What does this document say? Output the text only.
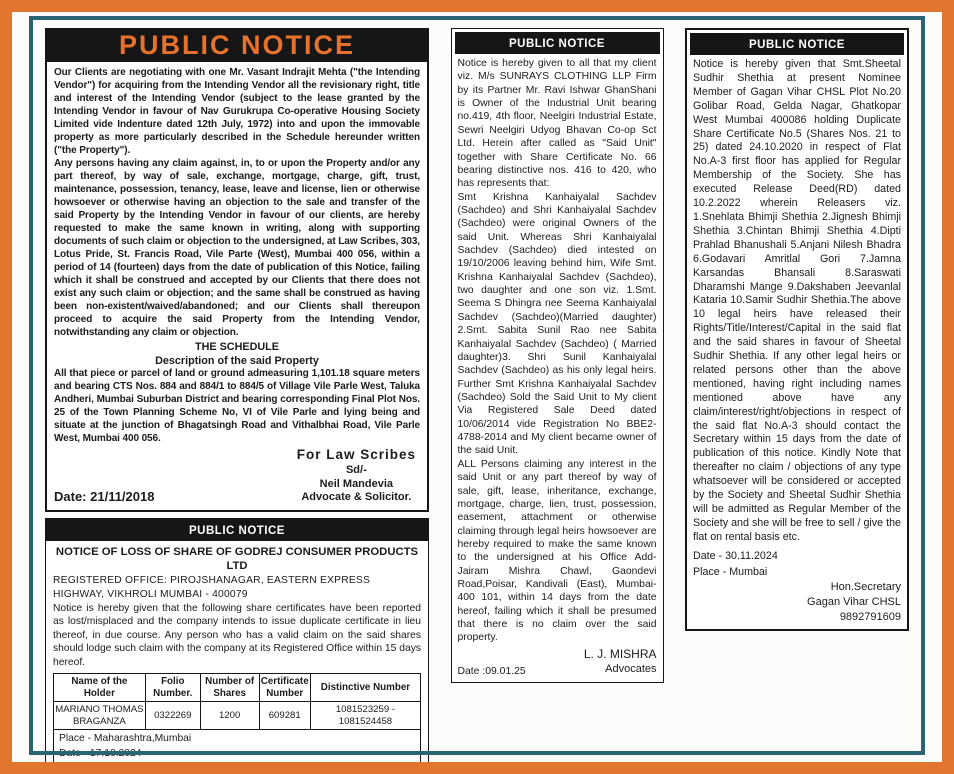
PUBLIC NOTICE

Our Clients are negotiating with one Mr. Vasant Indrajit Mehta ("the Intending Vendor") for acquiring from the Intending Vendor all the revisionary right, title and interest of the Intending Vendor (subject to the lease granted by the Intending Vendor in favour of Nav Gurukrupa Co-operative Housing Society Limited vide Indenture dated 12th July, 1972) into and upon the immovable property as more particularly described in the Schedule hereunder written ("the Property").

Any persons having any claim against, in, to or upon the Property and/or any part thereof, by way of sale, exchange, mortgage, charge, gift, trust, maintenance, possession, tenancy, lease, leave and license, lien or otherwise howsoever or otherwise having an objection to the sale and transfer of the said Property by the Intending Vendor in favour of our clients, are hereby requested to make the same known in writing, along with supporting documents of such claim or objection to the undersigned, at Law Scribes, 303, Lotus Pride, St. Francis Road, Vile Parte (West), Mumbai 400 056, within a period of 14 (fourteen) days from the date of publication of this Notice, failing which it shall be construed and accepted by our Clients that there does not exist any such claim or objection; and the same shall be construed as having been non-existent/waived/abandoned; and our Clients shall thereupon proceed to acquire the said Property from the Intending Vendor, notwithstanding any claim or objection.

THE SCHEDULE
Description of the said Property

All that piece or parcel of land or ground admeasuring 1,101.18 square meters and bearing CTS Nos. 884 and 884/1 to 884/5 of Village Vile Parle West, Taluka Andheri, Mumbai Suburban District and bearing corresponding Final Plot Nos. 25 of the Town Planning Scheme No, VI of Vile Parle and lying being and situate at the junction of Bhagatsingh Road and Vithalbhai Road, Vile Parle West, Mumbai 400 056.

Date: 21/11/2018
For Law Scribes
Sd/-
Neil Mandevia
Advocate & Solicitor.
PUBLIC NOTICE
NOTICE OF LOSS OF SHARE OF GODREJ CONSUMER PRODUCTS LTD
REGISTERED OFFICE: PIROJSHANAGAR, EASTERN EXPRESS HIGHWAY, VIKHROLI MUMBAI - 400079

Notice is hereby given that the following share certificates have been reported as lost/misplaced and the company intends to issue duplicate certificate in lieu thereof, in due course. Any person who has a valid claim on the said shares should lodge such claim with the company at its Registered Office within 15 days hereof.

Name of the Holder	Folio Number.	Number of Shares	Certificate Number	Distinctive Number
MARIANO THOMAS BRAGANZA	0322269	1200	609281	1081523259 - 1081524458
Place - Maharashtra,Mumbai
Date - 17.10.2024
PUBLIC NOTICE

Notice is hereby given to all that my client viz. M/s SUNRAYS CLOTHING LLP Firm by its Partner Mr. Ravi Ishwar GhanShani is Owner of the Industrial Unit bearing no.419, 4th floor, Neelgiri Industrial Estate, Sewri Neelgiri Udyog Bhavan Co-op Sct Ltd. Herein after called as "Said Unit" together with Share Certificate No. 66 bearing distinctive nos. 416 to 420, who has represents that:

Smt Krishna Kanhaiyalal Sachdev (Sachdeo) and Shri Kanhaiyalal Sachdev (Sachdeo) were original Owners of the said Unit. Whereas Shri Kanhaiyalal Sachdev (Sachdeo) died intested on 19/10/2006 leaving behind him, Wife Smt. Krishna Kanhaiyalal Sachdev (Sachdeo), two daughter and one son viz. 1.Smt. Seema S Dhingra nee Seema Kanhaiyalal Sachdev (Sachdeo)(Married daughter) 2.Smt. Sabita Sunil Rao nee Sabita Kanhaiyalal Sachdev (Sachdeo) ( Married daughter)3. Shri Sunil Kanhaiyalal Sachdev (Sachdeo) as his only legal heirs. Further Smt Krishna Kanhaiyalal Sachdev (Sachdeo) Sold the Said Unit to My client Via Registered Sale Deed dated 10/06/2014 vide Registration No BBE2-4788-2014 and My client became owner of the said Unit.

ALL Persons claiming any interest in the said Unit or any part thereof by way of sale, gift, lease, inheritance, exchange, mortgage, charge, lien, trust, possession, easement, attachment or otherwise claiming through legal heirs howsoever are hereby required to make the same known to the undersigned at his Office Add- Jairam Mishra Chawl, Gaondevi Road,Poisar, Kandivali (East), Mumbai- 400 101, within 14 days from the date hereof, failing which it shall be presumed that there is no claim over the said property.

Date :09.01.25
L. J. MISHRA
Advocates
PUBLIC NOTICE

Notice is hereby given that Smt.Sheetal Sudhir Shethia at present Nominee Member of Gagan Vihar CHSL Plot No.20 Golibar Road, Gelda Nagar, Ghatkopar West Mumbai 400086 holding Duplicate Share Certificate No.5 (Shares Nos. 21 to 25) dated 24.10.2020 in respect of Flat No.A-3 first floor has applied for Regular Membership of the Society. She has executed Release Deed(RD) dated 10.2.2022 wherein Releasers viz. 1.Snehlata Bhimji Shethia 2.Jignesh Bhimji Shethia 3.Chintan Bhimji Shethia 4.Dipti Prahlad Bhanushali 5.Anjani Nilesh Bhadra 6.Godavari Amritlal Gori 7.Jamna Karsandas Bhansali 8.Saraswati Dharamshi Mange 9.Dakshaben Jeevanlal Kataria 10.Samir Sudhir Shethia.The above 10 legal heirs have released their Rights/Title/Interest/Capital in the said flat and the said shares in favour of Sheetal Sudhir Shethia. If any other legal heirs or related persons other than the above mentioned, having right including names mentioned above have any claim/interest/right/objections in respect of the said flat No.A-3 should contact the Secretary within 15 days from the date of publication of this notice. Kindly Note that thereafter no claim / objections of any type whatsoever will be considered or accepted by the Society and Sheetal Sudhir Shethia will be admitted as Regular Member of the Society and she will be free to sell / give the flat on rental basis etc.

Date - 30.11.2024
Place - Mumbai
Hon.Secretary
Gagan Vihar CHSL
9892791609
